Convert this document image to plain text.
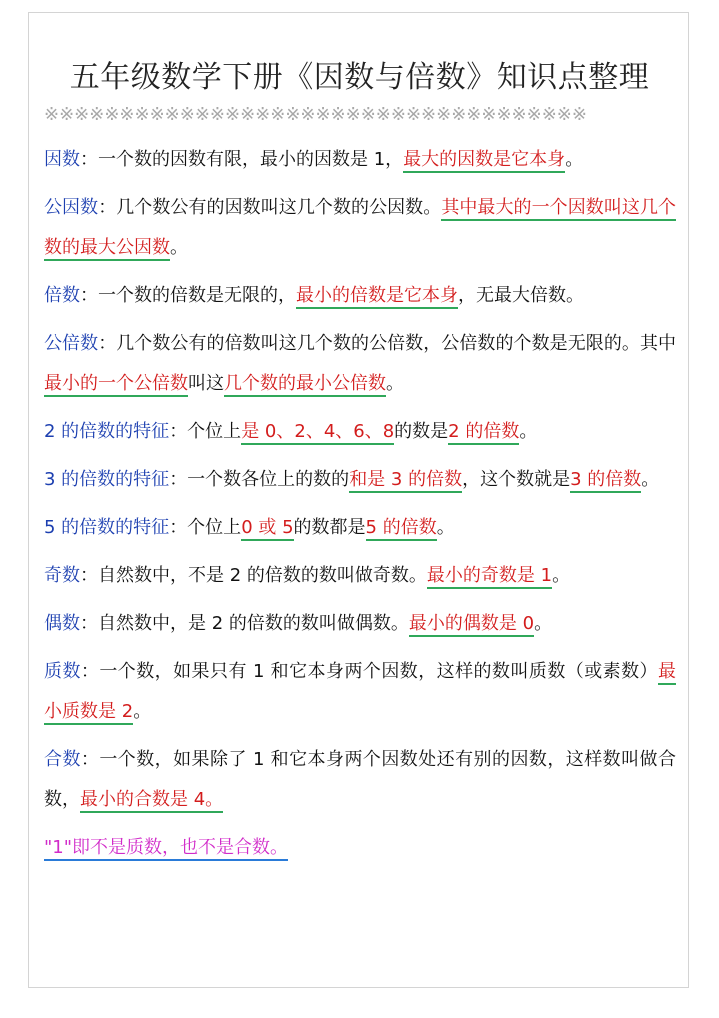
五年级数学下册《因数与倍数》知识点整理
※※※※※※※※※※※※※※※※※※※※※※※※※※※※※※※※※※※※

因数：一个数的因数有限，最小的因数是 1，最大的因数是它本身。

公因数：几个数公有的因数叫这几个数的公因数。其中最大的一个因数叫这几个数的最大公因数。

倍数：一个数的倍数是无限的，最小的倍数是它本身，无最大倍数。

公倍数：几个数公有的倍数叫这几个数的公倍数，公倍数的个数是无限的。其中最小的一个公倍数叫这几个数的最小公倍数。

2 的倍数的特征：个位上是 0、2、4、6、8的数是2 的倍数。

3 的倍数的特征：一个数各位上的数的和是 3 的倍数，这个数就是3 的倍数。

5 的倍数的特征：个位上0 或 5的数都是5 的倍数。

奇数：自然数中，不是 2 的倍数的数叫做奇数。最小的奇数是 1。

偶数：自然数中，是 2 的倍数的数叫做偶数。最小的偶数是 0。

质数：一个数，如果只有 1 和它本身两个因数，这样的数叫质数（或素数）最小质数是 2。

合数：一个数，如果除了 1 和它本身两个因数处还有别的因数，这样数叫做合数，最小的合数是 4。

"1"即不是质数，也不是合数。
